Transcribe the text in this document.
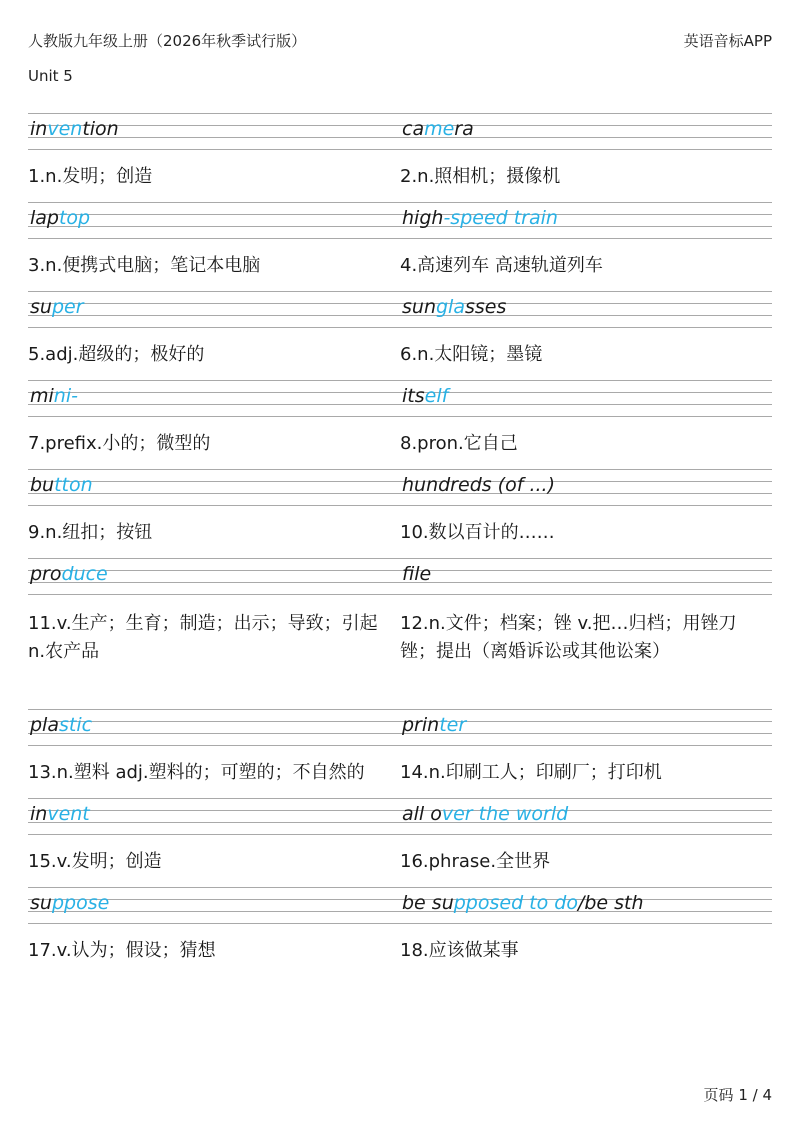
人教版九年级上册（2026年秋季试行版）	英语音标APP
Unit 5
invention
1.n.发明；创造
camera
2.n.照相机；摄像机
laptop
3.n.便携式电脑；笔记本电脑
high-speed train
4.高速列车 高速轨道列车
super
5.adj.超级的；极好的
sunglasses
6.n.太阳镜；墨镜
mini-
7.prefix.小的；微型的
itself
8.pron.它自己
button
9.n.纽扣；按钮
hundreds (of ...)
10.数以百计的……
produce
11.v.生产；生育；制造；出示；导致；引起 n.农产品
file
12.n.文件；档案；锉 v.把…归档；用锉刀锉；提出（离婚诉讼或其他讼案）
plastic
13.n.塑料 adj.塑料的；可塑的；不自然的
printer
14.n.印刷工人；印刷厂；打印机
invent
15.v.发明；创造
all over the world
16.phrase.全世界
suppose
17.v.认为；假设；猜想
be supposed to do/be sth
18.应该做某事
页码 1 / 4
